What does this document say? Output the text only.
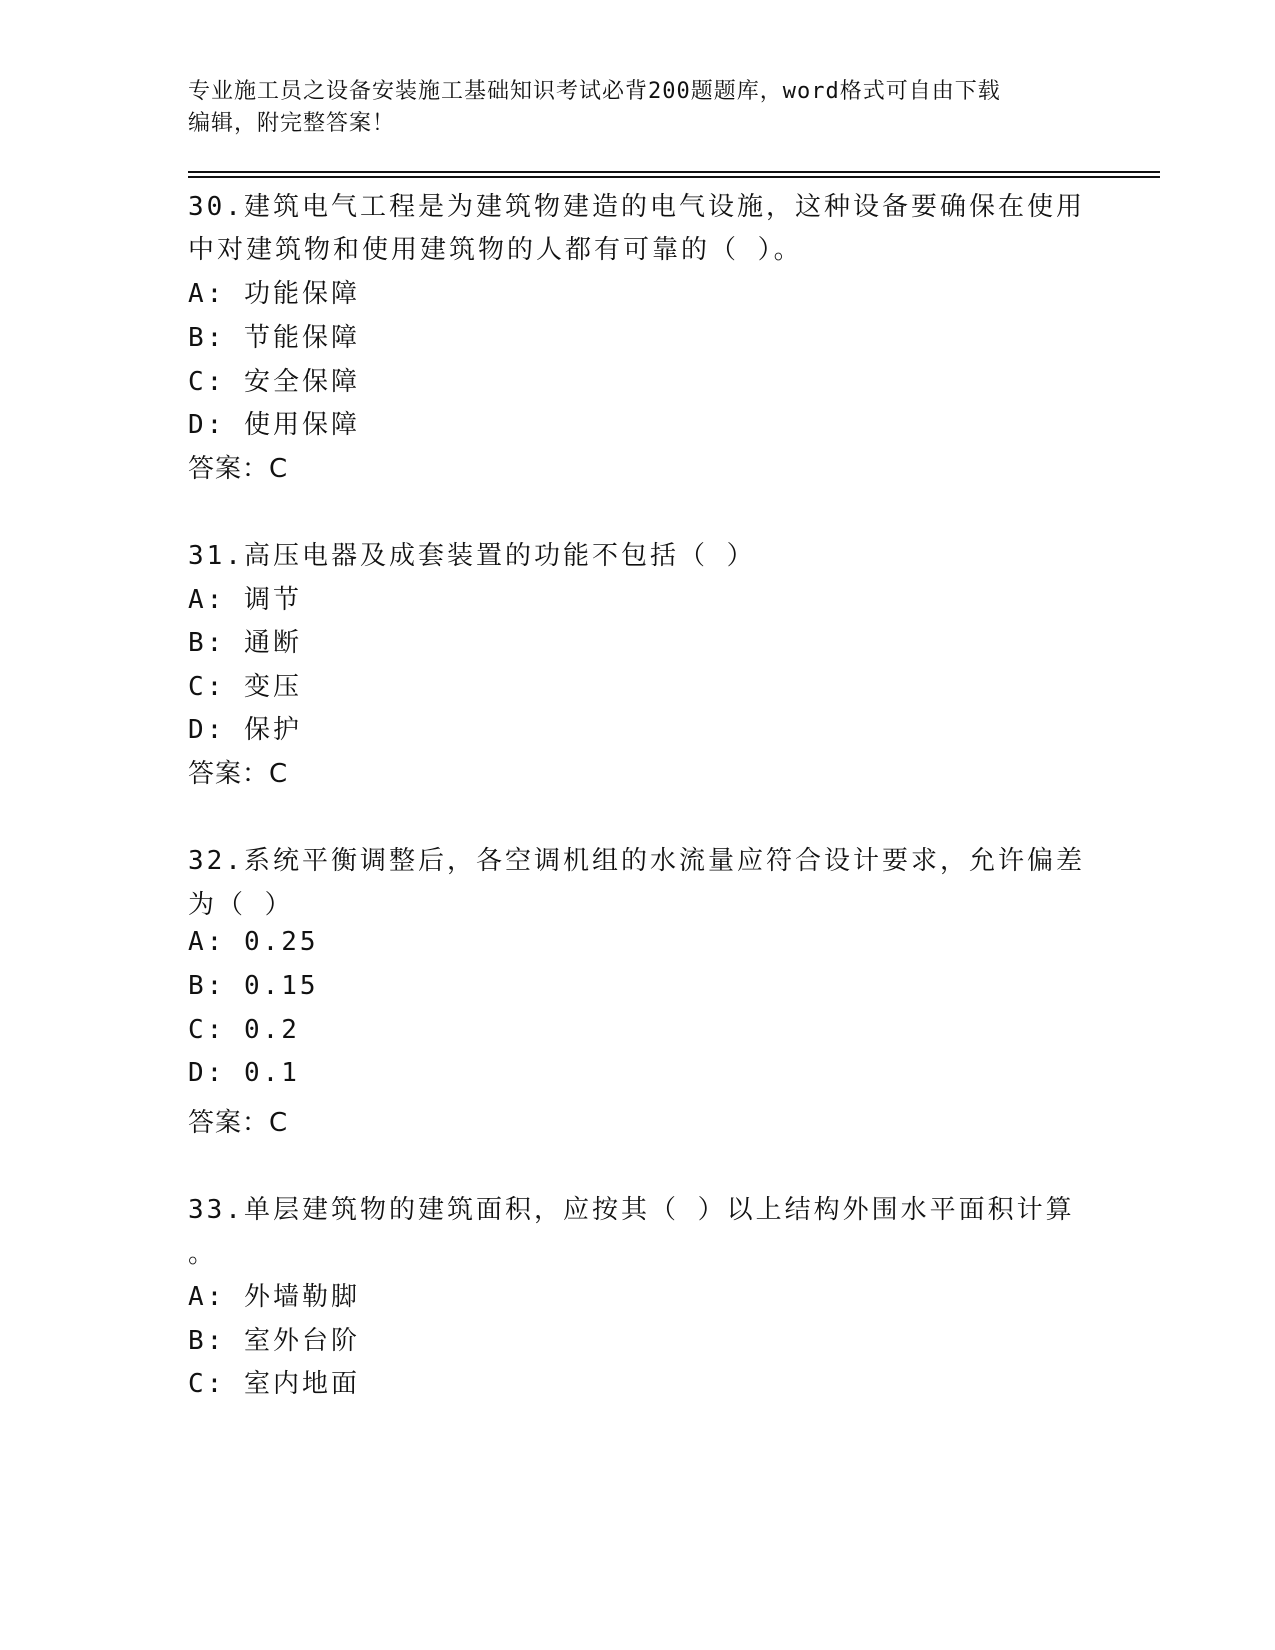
专业施工员之设备安装施工基础知识考试必背200题题库，word格式可自由下载
编辑，附完整答案！
30.建筑电气工程是为建筑物建造的电气设施，这种设备要确保在使用
中对建筑物和使用建筑物的人都有可靠的（ ）。
A: 功能保障
B: 节能保障
C: 安全保障
D: 使用保障
答案：C
31.高压电器及成套装置的功能不包括（ ）
A: 调节
B: 通断
C: 变压
D: 保护
答案：C
32.系统平衡调整后，各空调机组的水流量应符合设计要求，允许偏差
为（ ）
A: 0.25
B: 0.15
C: 0.2
D: 0.1
答案：C
33.单层建筑物的建筑面积，应按其（ ）以上结构外围水平面积计算
。
A: 外墙勒脚
B: 室外台阶
C: 室内地面
